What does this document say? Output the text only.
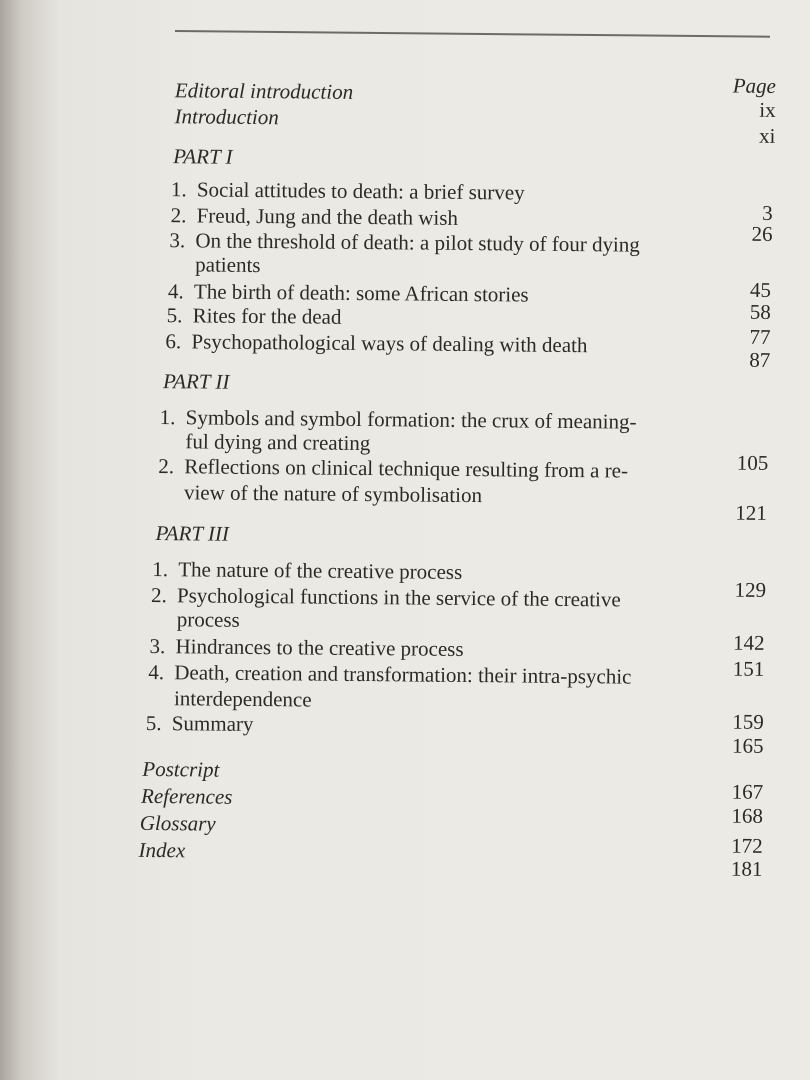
Page
Editoral introduction
ix
Introduction
xi
PART I
1. Social attitudes to death: a brief survey
3
2. Freud, Jung and the death wish
26
3. On the threshold of death: a pilot study of four dying
patients
45
4. The birth of death: some African stories
58
5. Rites for the dead
77
6. Psychopathological ways of dealing with death
87
PART II
1. Symbols and symbol formation: the crux of meaning-
ful dying and creating
105
2. Reflections on clinical technique resulting from a re-
view of the nature of symbolisation
121
PART III
1. The nature of the creative process
129
2. Psychological functions in the service of the creative
process
142
3. Hindrances to the creative process
151
4. Death, creation and transformation: their intra-psychic
interdependence
159
5. Summary
165
Postcript
167
References
168
Glossary
172
Index
181
